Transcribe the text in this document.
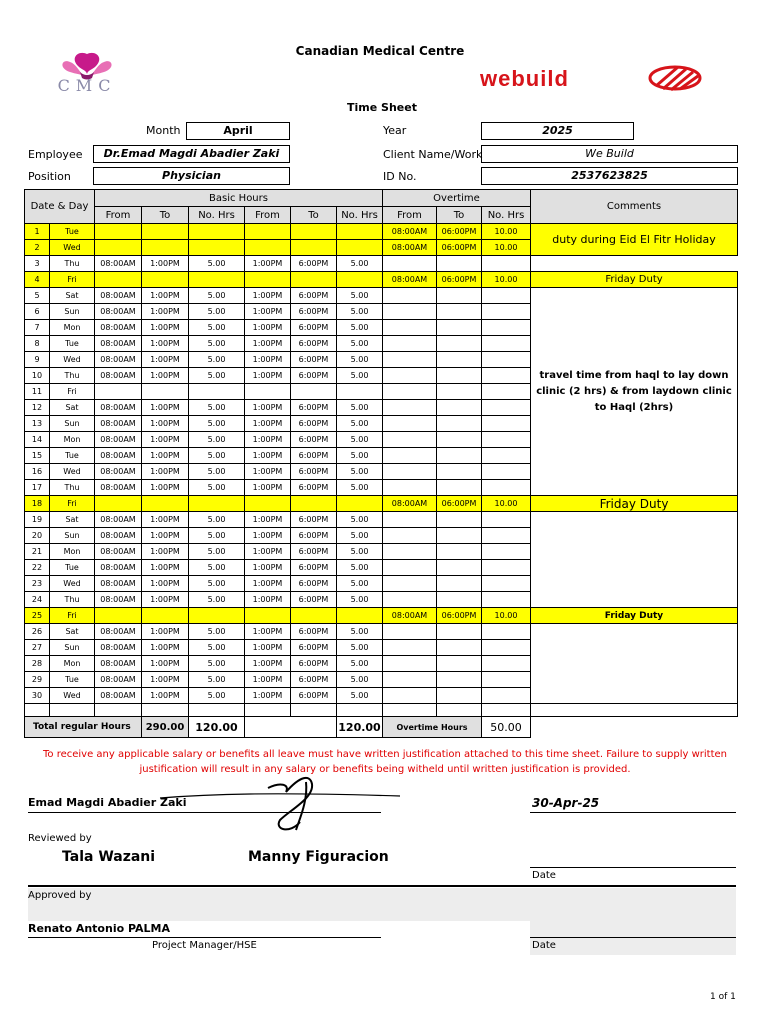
CMC
Canadian Medical Centre
webuild
Time Sheet
Month	April	Year	2025
Employee	Dr.Emad Magdi Abadier Zaki	Client Name/Work	We Build
Position	Physician	ID No.	2537623825
Date & Day		Basic Hours						Overtime			Comments
		From	To	No. Hrs	From	To	No. Hrs	From	To	No. Hrs	
1	Tue							08:00AM	06:00PM	10.00	duty during Eid El Fitr Holiday
2	Wed							08:00AM	06:00PM	10.00	
3	Thu	08:00AM	1:00PM	5.00	1:00PM	6:00PM	5.00				
4	Fri							08:00AM	06:00PM	10.00	Friday Duty
5	Sat	08:00AM	1:00PM	5.00	1:00PM	6:00PM	5.00				travel time from haql to lay down clinic (2 hrs) & from laydown clinic to Haql (2hrs)
6	Sun	08:00AM	1:00PM	5.00	1:00PM	6:00PM	5.00				
7	Mon	08:00AM	1:00PM	5.00	1:00PM	6:00PM	5.00				
8	Tue	08:00AM	1:00PM	5.00	1:00PM	6:00PM	5.00				
9	Wed	08:00AM	1:00PM	5.00	1:00PM	6:00PM	5.00				
10	Thu	08:00AM	1:00PM	5.00	1:00PM	6:00PM	5.00				
11	Fri										
12	Sat	08:00AM	1:00PM	5.00	1:00PM	6:00PM	5.00				
13	Sun	08:00AM	1:00PM	5.00	1:00PM	6:00PM	5.00				
14	Mon	08:00AM	1:00PM	5.00	1:00PM	6:00PM	5.00				
15	Tue	08:00AM	1:00PM	5.00	1:00PM	6:00PM	5.00				
16	Wed	08:00AM	1:00PM	5.00	1:00PM	6:00PM	5.00				
17	Thu	08:00AM	1:00PM	5.00	1:00PM	6:00PM	5.00				
18	Fri							08:00AM	06:00PM	10.00	Friday Duty
19	Sat	08:00AM	1:00PM	5.00	1:00PM	6:00PM	5.00				
20	Sun	08:00AM	1:00PM	5.00	1:00PM	6:00PM	5.00				
21	Mon	08:00AM	1:00PM	5.00	1:00PM	6:00PM	5.00				
22	Tue	08:00AM	1:00PM	5.00	1:00PM	6:00PM	5.00				
23	Wed	08:00AM	1:00PM	5.00	1:00PM	6:00PM	5.00				
24	Thu	08:00AM	1:00PM	5.00	1:00PM	6:00PM	5.00				
25	Fri							08:00AM	06:00PM	10.00	Friday Duty
26	Sat	08:00AM	1:00PM	5.00	1:00PM	6:00PM	5.00				
27	Sun	08:00AM	1:00PM	5.00	1:00PM	6:00PM	5.00				
28	Mon	08:00AM	1:00PM	5.00	1:00PM	6:00PM	5.00				
29	Tue	08:00AM	1:00PM	5.00	1:00PM	6:00PM	5.00				
30	Wed	08:00AM	1:00PM	5.00	1:00PM	6:00PM	5.00				

Total regular Hours			290.00	120.00			120.00	Overtime Hours		50.00	
To receive any applicable salary or benefits all leave must have written justification attached to this time sheet. Failure to supply written justification will result in any salary or benefits being witheld until written justification is provided.
Emad Magdi Abadier Zaki	30-Apr-25
Reviewed by
Tala Wazani	Manny Figuracion
Date
Approved by
Renato Antonio PALMA
Project Manager/HSE	Date
1 of 1
